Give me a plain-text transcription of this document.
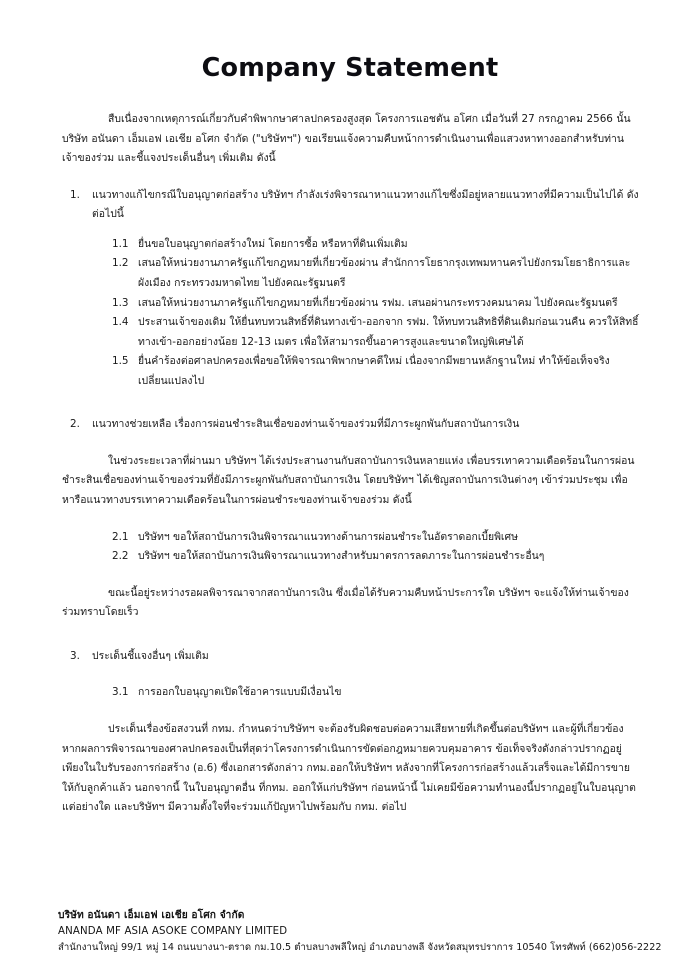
Company Statement

สืบเนื่องจากเหตุการณ์เกี่ยวกับคำพิพากษาศาลปกครองสูงสุด โครงการแอชตัน อโศก เมื่อวันที่ 27 กรกฎาคม 2566 นั้น บริษัท อนันดา เอ็มเอฟ เอเชีย อโศก จำกัด ("บริษัทฯ") ขอเรียนแจ้งความคืบหน้าการดำเนินงานเพื่อแสวงหาทางออกสำหรับท่านเจ้าของร่วม และชี้แจงประเด็นอื่นๆ เพิ่มเติม ดังนี้

1.	แนวทางแก้ไขกรณีใบอนุญาตก่อสร้าง บริษัทฯ กำลังเร่งพิจารณาหาแนวทางแก้ไขซึ่งมีอยู่หลายแนวทางที่มีความเป็นไปได้ ดังต่อไปนี้
1.1 ยื่นขอใบอนุญาตก่อสร้างใหม่ โดยการซื้อ หรือหาที่ดินเพิ่มเติม
1.2 เสนอให้หน่วยงานภาครัฐแก้ไขกฎหมายที่เกี่ยวข้องผ่าน สำนักการโยธากรุงเทพมหานครไปยังกรมโยธาธิการและผังเมือง กระทรวงมหาดไทย ไปยังคณะรัฐมนตรี
1.3 เสนอให้หน่วยงานภาครัฐแก้ไขกฎหมายที่เกี่ยวข้องผ่าน รฟม. เสนอผ่านกระทรวงคมนาคม ไปยังคณะรัฐมนตรี
1.4 ประสานเจ้าของเดิม ให้ยื่นทบทวนสิทธิ์ที่ดินทางเข้า-ออกจาก รฟม. ให้ทบทวนสิทธิที่ดินเดิมก่อนเวนคืน ควรให้สิทธิ์ทางเข้า-ออกอย่างน้อย 12-13 เมตร เพื่อให้สามารถขึ้นอาคารสูงและขนาดใหญ่พิเศษได้
1.5 ยื่นคำร้องต่อศาลปกครองเพื่อขอให้พิจารณาพิพากษาคดีใหม่ เนื่องจากมีพยานหลักฐานใหม่ ทำให้ข้อเท็จจริงเปลี่ยนแปลงไป
2.	แนวทางช่วยเหลือ เรื่องการผ่อนชำระสินเชื่อของท่านเจ้าของร่วมที่มีภาระผูกพันกับสถาบันการเงิน

ในช่วงระยะเวลาที่ผ่านมา บริษัทฯ ได้เร่งประสานงานกับสถาบันการเงินหลายแห่ง เพื่อบรรเทาความเดือดร้อนในการผ่อนชำระสินเชื่อของท่านเจ้าของร่วมที่ยังมีภาระผูกพันกับสถาบันการเงิน โดยบริษัทฯ ได้เชิญสถาบันการเงินต่างๆ เข้าร่วมประชุม เพื่อหารือแนวทางบรรเทาความเดือดร้อนในการผ่อนชำระของท่านเจ้าของร่วม ดังนี้

2.1 บริษัทฯ ขอให้สถาบันการเงินพิจารณาแนวทางด้านการผ่อนชำระในอัตราดอกเบี้ยพิเศษ
2.2 บริษัทฯ ขอให้สถาบันการเงินพิจารณาแนวทางสำหรับมาตรการลดภาระในการผ่อนชำระอื่นๆ

ขณะนี้อยู่ระหว่างรอผลพิจารณาจากสถาบันการเงิน ซึ่งเมื่อได้รับความคืบหน้าประการใด บริษัทฯ จะแจ้งให้ท่านเจ้าของร่วมทราบโดยเร็ว

3.	ประเด็นชี้แจงอื่นๆ เพิ่มเติม
3.1 การออกใบอนุญาตเปิดใช้อาคารแบบมีเงื่อนไข

ประเด็นเรื่องข้อสงวนที่ กทม. กำหนดว่าบริษัทฯ จะต้องรับผิดชอบต่อความเสียหายที่เกิดขึ้นต่อบริษัทฯ และผู้ที่เกี่ยวข้อง หากผลการพิจารณาของศาลปกครองเป็นที่สุดว่าโครงการดำเนินการขัดต่อกฎหมายควบคุมอาคาร ข้อเท็จจริงดังกล่าวปรากฏอยู่เพียงในใบรับรองการก่อสร้าง (อ.6) ซึ่งเอกสารดังกล่าว กทม.ออกให้บริษัทฯ หลังจากที่โครงการก่อสร้างแล้วเสร็จและได้มีการขายให้กับลูกค้าแล้ว นอกจากนี้ ในใบอนุญาตอื่น ที่กทม. ออกให้แก่บริษัทฯ ก่อนหน้านี้ ไม่เคยมีข้อความทำนองนี้ปรากฏอยู่ในใบอนุญาตแต่อย่างใด และบริษัทฯ มีความตั้งใจที่จะร่วมแก้ปัญหาไปพร้อมกับ กทม. ต่อไป

บริษัท อนันดา เอ็มเอฟ เอเชีย อโศก จำกัด
ANANDA MF ASIA ASOKE COMPANY LIMITED
สำนักงานใหญ่ 99/1 หมู่ 14 ถนนบางนา-ตราด กม.10.5 ตำบลบางพลีใหญ่ อำเภอบางพลี จังหวัดสมุทรปราการ 10540 โทรศัพท์ (662)056-2222
